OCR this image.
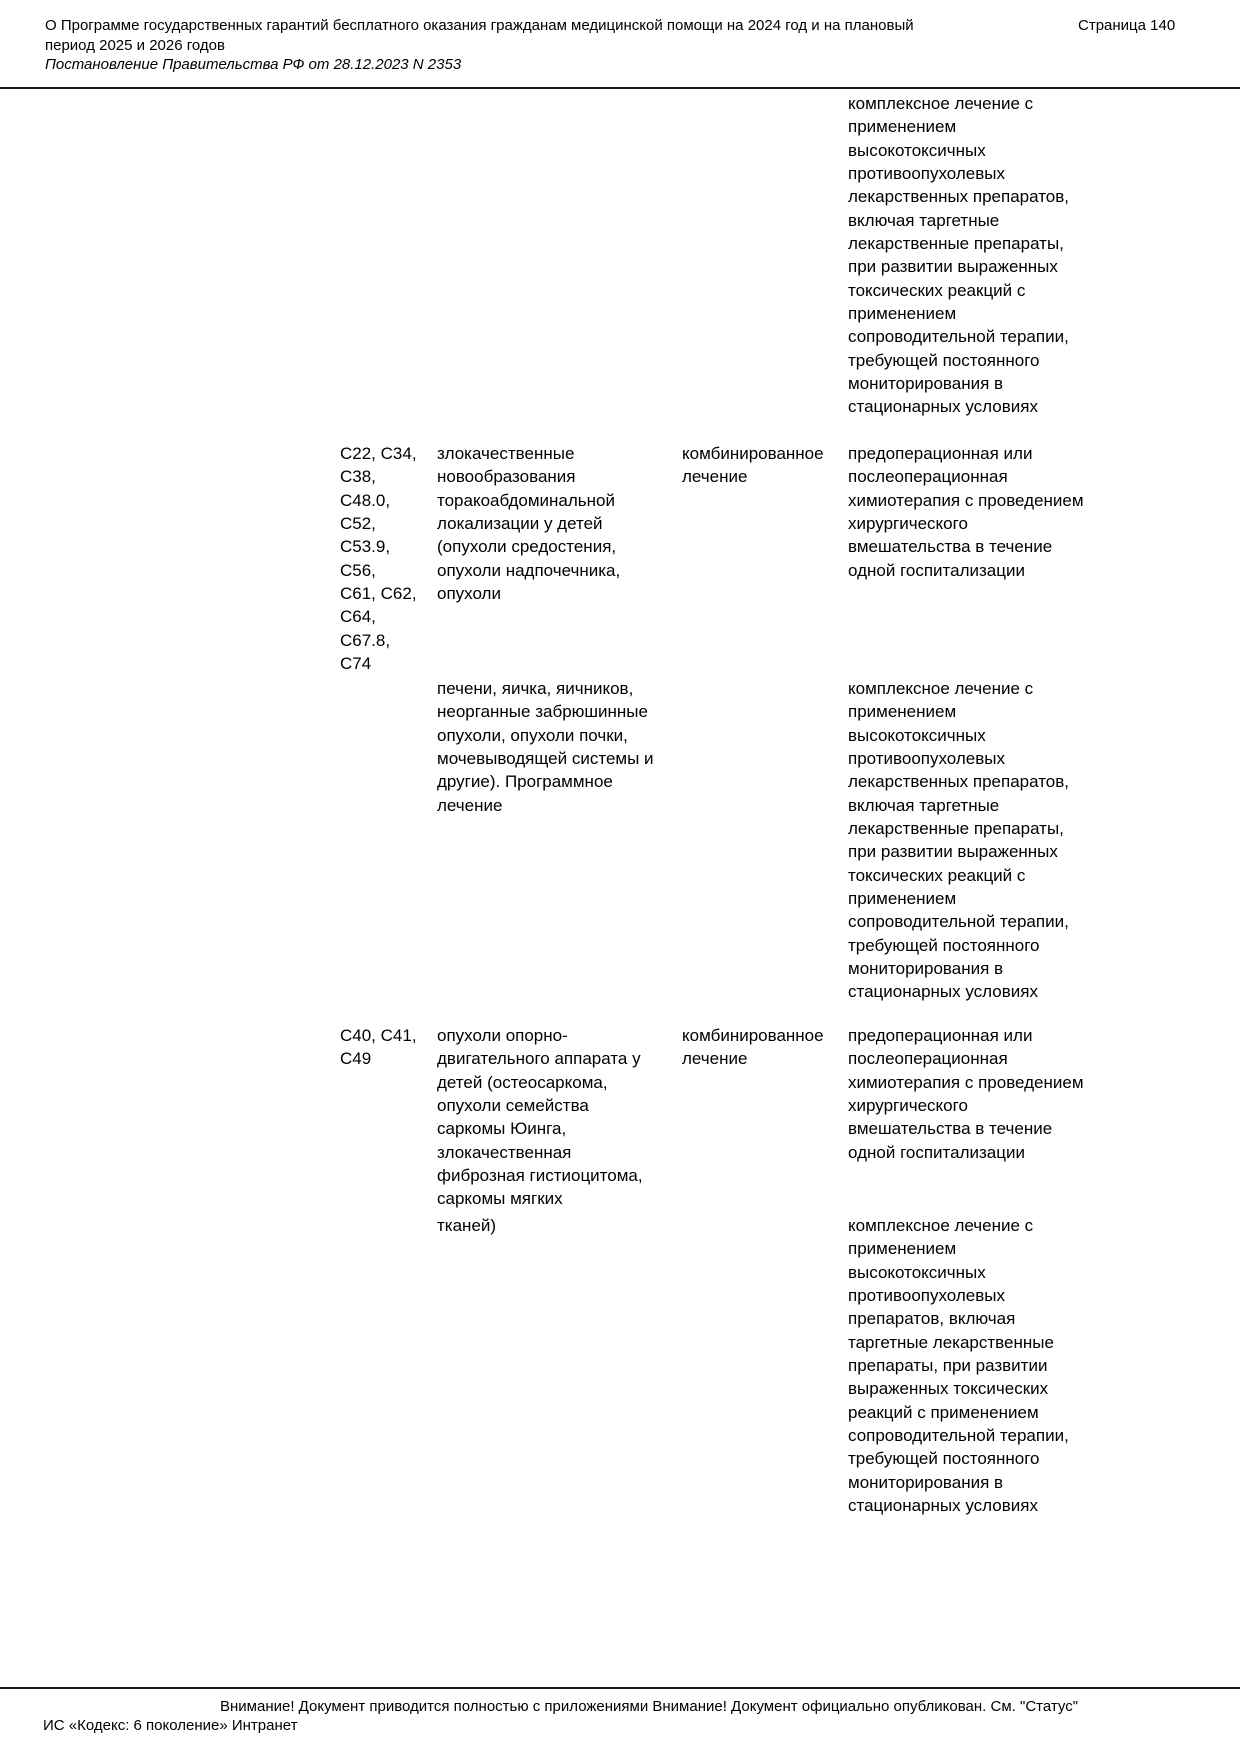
О Программе государственных гарантий бесплатного оказания гражданам медицинской помощи на 2024 год и на плановый
период 2025 и 2026 годов
Постановление Правительства РФ от 28.12.2023 N 2353
Страница 140
комплексное лечение с
применением
высокотоксичных
противоопухолевых
лекарственных препаратов,
включая таргетные
лекарственные препараты,
при развитии выраженных
токсических реакций с
применением
сопроводительной терапии,
требующей постоянного
мониторирования в
стационарных условиях
C22, C34,
C38,
C48.0,
C52,
C53.9,
C56,
C61, C62,
C64,
C67.8,
C74
злокачественные
новообразования
торакоабдоминальной
локализации у детей
(опухоли средостения,
опухоли надпочечника,
опухоли
комбинированное
лечение
предоперационная или
послеоперационная
химиотерапия с проведением
хирургического
вмешательства в течение
одной госпитализации
печени, яичка, яичников,
неорганные забрюшинные
опухоли, опухоли почки,
мочевыводящей системы и
другие). Программное
лечение
комплексное лечение с
применением
высокотоксичных
противоопухолевых
лекарственных препаратов,
включая таргетные
лекарственные препараты,
при развитии выраженных
токсических реакций с
применением
сопроводительной терапии,
требующей постоянного
мониторирования в
стационарных условиях
C40, C41,
C49
опухоли опорно-
двигательного аппарата у
детей (остеосаркома,
опухоли семейства
саркомы Юинга,
злокачественная
фиброзная гистиоцитома,
саркомы мягких
комбинированное
лечение
предоперационная или
послеоперационная
химиотерапия с проведением
хирургического
вмешательства в течение
одной госпитализации
тканей)	комплексное лечение с
применением
высокотоксичных
противоопухолевых
препаратов, включая
таргетные лекарственные
препараты, при развитии
выраженных токсических
реакций с применением
сопроводительной терапии,
требующей постоянного
мониторирования в
стационарных условиях
Внимание! Документ приводится полностью с приложениями Внимание! Документ официально опубликован. См. "Статус"
ИС «Кодекс: 6 поколение» Интранет
